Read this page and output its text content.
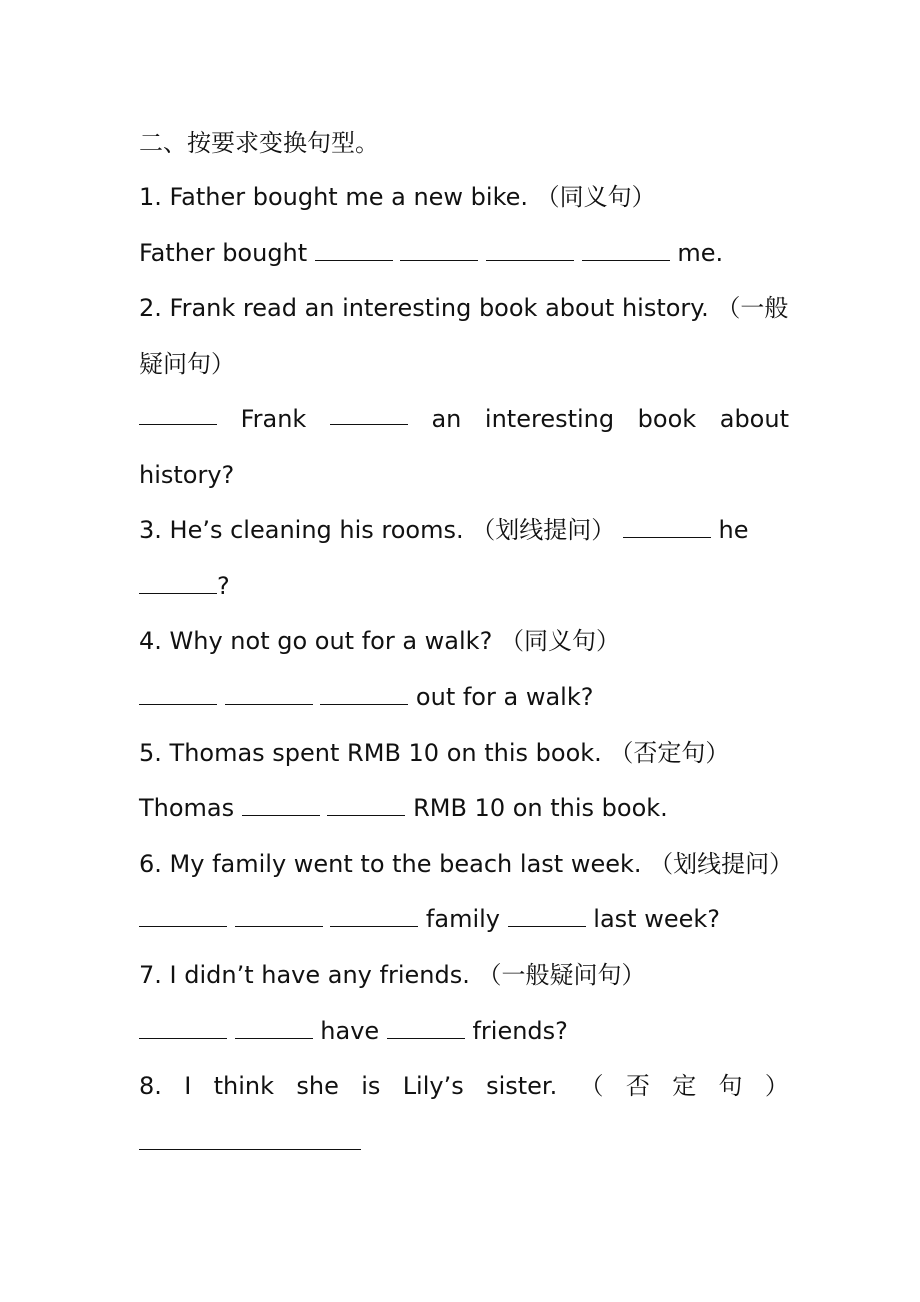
二、按要求变换句型。
1. Father bought me a new bike. （同义句）
Father bought	me.
2. Frank read an interesting book about history. （一般
疑问句）
Frank	an interesting book about
history?
3. He’s cleaning his rooms. （划线提问）	he
?
4. Why not go out for a walk? （同义句）
out for a walk?
5. Thomas spent RMB 10 on this book. （否定句）
Thomas	RMB 10 on this book.
6. My family went to the beach last week. （划线提问）
family	last week?
7. I didn’t have any friends. （一般疑问句）
have	friends?
8. I think she is Lily’s sister. （ 否 定 句 ）
